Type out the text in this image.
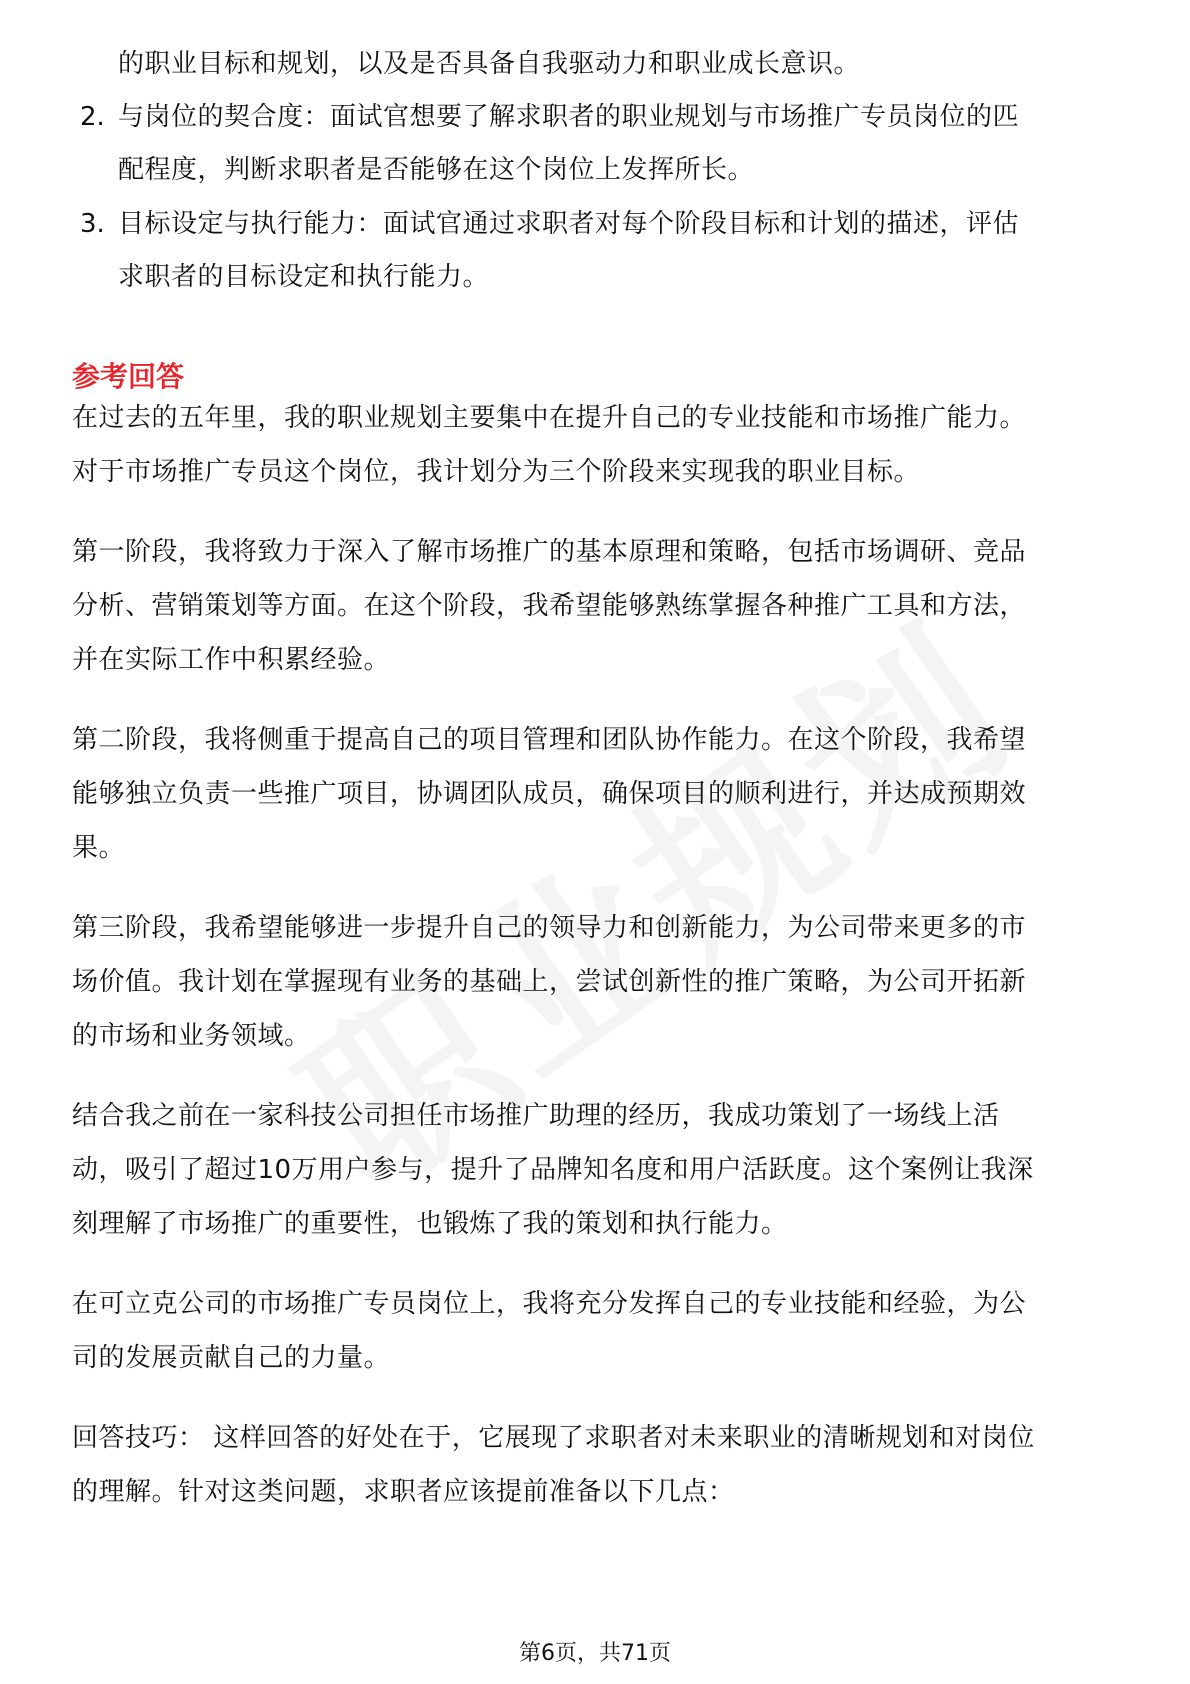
的职业目标和规划，以及是否具备自我驱动力和职业成长意识。
2. 与岗位的契合度：面试官想要了解求职者的职业规划与市场推广专员岗位的匹
配程度，判断求职者是否能够在这个岗位上发挥所长。
3. 目标设定与执行能力：面试官通过求职者对每个阶段目标和计划的描述，评估
求职者的目标设定和执行能力。
参考回答
在过去的五年里，我的职业规划主要集中在提升自己的专业技能和市场推广能力。
对于市场推广专员这个岗位，我计划分为三个阶段来实现我的职业目标。
第一阶段，我将致力于深入了解市场推广的基本原理和策略，包括市场调研、竞品
分析、营销策划等方面。在这个阶段，我希望能够熟练掌握各种推广工具和方法，
并在实际工作中积累经验。
第二阶段，我将侧重于提高自己的项目管理和团队协作能力。在这个阶段，我希望
能够独立负责一些推广项目，协调团队成员，确保项目的顺利进行，并达成预期效
果。
第三阶段，我希望能够进一步提升自己的领导力和创新能力，为公司带来更多的市
场价值。我计划在掌握现有业务的基础上，尝试创新性的推广策略，为公司开拓新
的市场和业务领域。
结合我之前在一家科技公司担任市场推广助理的经历，我成功策划了一场线上活
动，吸引了超过10万用户参与，提升了品牌知名度和用户活跃度。这个案例让我深
刻理解了市场推广的重要性，也锻炼了我的策划和执行能力。
在可立克公司的市场推广专员岗位上，我将充分发挥自己的专业技能和经验，为公
司的发展贡献自己的力量。
回答技巧： 这样回答的好处在于，它展现了求职者对未来职业的清晰规划和对岗位
的理解。针对这类问题，求职者应该提前准备以下几点：
第6页，共71页
